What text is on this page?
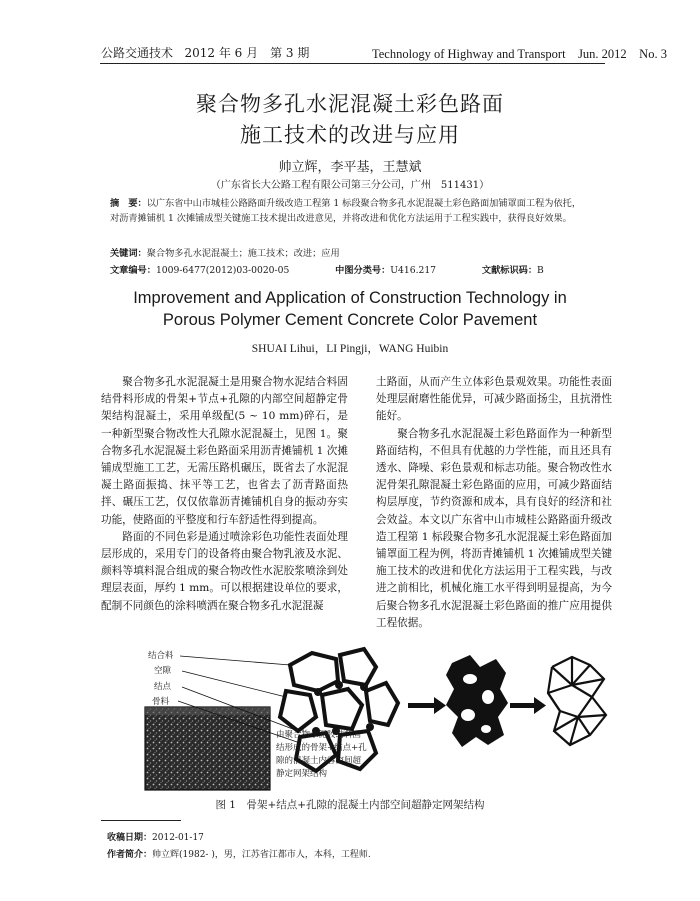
公路交通技术 2012 年 6 月　第 3 期	Technology of Highway and Transport Jun. 2012　No. 3
聚合物多孔水泥混凝土彩色路面
施工技术的改进与应用
帅立辉，李平基，王慧斌
（广东省长大公路工程有限公司第三分公司，广州　511431）
摘　要：以广东省中山市城桂公路路面升级改造工程第 1 标段聚合物多孔水泥混凝土彩色路面加铺罩面工程为依托，对沥青摊铺机 1 次摊铺成型关键施工技术提出改进意见，并将改进和优化方法运用于工程实践中，获得良好效果。
关键词：聚合物多孔水泥混凝土；施工技术；改进；应用
文章编号：1009-6477(2012)03-0020-05	中图分类号：U416.217	文献标识码：B
Improvement and Application of Construction Technology in
Porous Polymer Cement Concrete Color Pavement
SHUAI Lihui，LI Pingji，WANG Huibin

聚合物多孔水泥混凝土是用聚合物水泥结合料固结骨料形成的骨架+节点+孔隙的内部空间超静定骨架结构混凝土，采用单级配(5 ~ 10 mm)碎石，是一种新型聚合物改性大孔隙水泥混凝土，见图 1。聚合物多孔水泥混凝土彩色路面采用沥青摊铺机 1 次摊铺成型施工工艺，无需压路机碾压，既省去了水泥混凝土路面振捣、抹平等工艺，也省去了沥青路面热拌、碾压工艺，仅仅依靠沥青摊铺机自身的振动夯实功能，使路面的平整度和行车舒适性得到提高。

路面的不同色彩是通过喷涂彩色功能性表面处理层形成的，采用专门的设备将由聚合物乳液及水泥、颜料等填料混合组成的聚合物改性水泥胶浆喷涂到处理层表面，厚约 1 mm。可以根据建设单位的要求，配制不同颜色的涂料喷洒在聚合物多孔水泥混凝

土路面，从而产生立体彩色景观效果。功能性表面处理层耐磨性能优异，可减少路面扬尘，且抗滑性能好。

聚合物多孔水泥混凝土彩色路面作为一种新型路面结构，不但具有优越的力学性能，而且还具有透水、降噪、彩色景观和标志功能。聚合物改性水泥骨架孔隙混凝土彩色路面的应用，可减少路面结构层厚度，节约资源和成本，具有良好的经济和社会效益。本文以广东省中山市城桂公路路面升级改造工程第 1 标段聚合物多孔水泥混凝土彩色路面加铺罩面工程为例，将沥青摊铺机 1 次摊铺成型关键施工技术的改进和优化方法运用于工程实践，与改进之前相比，机械化施工水平得到明显提高，为今后聚合物多孔水泥混凝土彩色路面的推广应用提供工程依据。

结合料
空隙
结点
骨料
由聚合物水泥胶结料固
结形成的骨架+结点+孔
隙的混凝土内容空间超
静定网架结构
图 1　骨架+结点+孔隙的混凝土内部空间超静定网架结构
收稿日期：2012-01-17
作者简介：帅立辉(1982- )，男，江苏省江都市人，本科，工程师.
